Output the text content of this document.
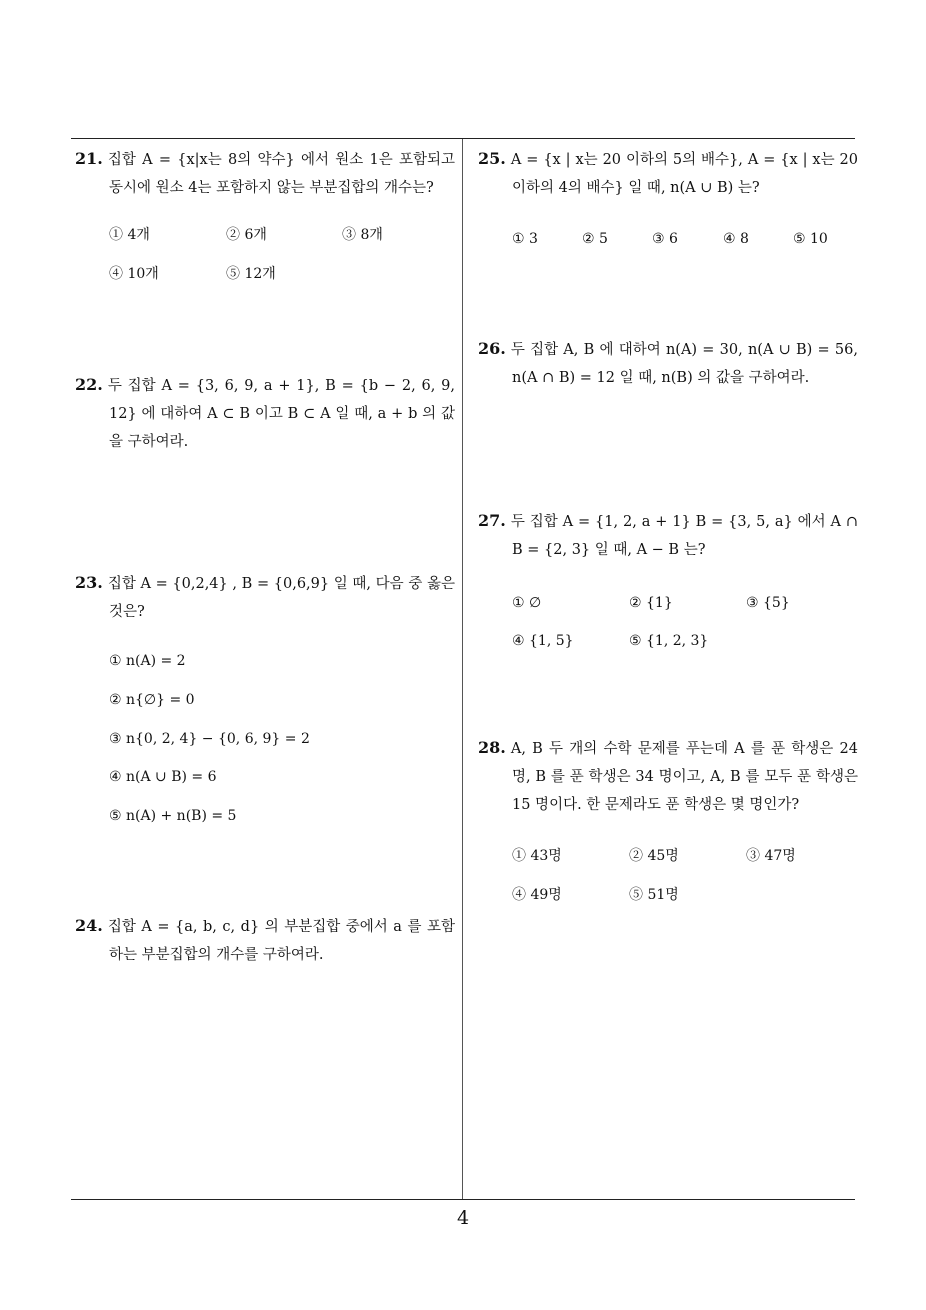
21. 집합 A = {x|x는 8의 약수} 에서 원소 1은 포함되고 동시에 원소 4는 포함하지 않는 부분집합의 개수는?
① 4개	② 6개	③ 8개
④ 10개	⑤ 12개
22. 두 집합 A = {3, 6, 9, a + 1}, B = {b − 2, 6, 9, 12} 에 대하여 A ⊂ B 이고 B ⊂ A 일 때, a + b 의 값을 구하여라.
23. 집합 A = {0,2,4} , B = {0,6,9} 일 때, 다음 중 옳은 것은?
① n(A) = 2
② n{∅} = 0
③ n{0, 2, 4} − {0, 6, 9} = 2
④ n(A ∪ B) = 6
⑤ n(A) + n(B) = 5
24. 집합 A = {a, b, c, d} 의 부분집합 중에서 a 를 포함하는 부분집합의 개수를 구하여라.
25. A = {x | x는 20 이하의 5의 배수}, A = {x | x는 20 이하의 4의 배수} 일 때, n(A ∪ B) 는?
① 3	② 5	③ 6	④ 8	⑤ 10
26. 두 집합 A, B 에 대하여 n(A) = 30, n(A ∪ B) = 56, n(A ∩ B) = 12 일 때, n(B) 의 값을 구하여라.
27. 두 집합 A = {1, 2, a + 1} B = {3, 5, a} 에서 A ∩ B = {2, 3} 일 때, A − B 는?
① ∅	② {1}	③ {5}
④ {1, 5}	⑤ {1, 2, 3}
28. A, B 두 개의 수학 문제를 푸는데 A 를 푼 학생은 24 명, B 를 푼 학생은 34 명이고, A, B 를 모두 푼 학생은 15 명이다. 한 문제라도 푼 학생은 몇 명인가?
① 43명	② 45명	③ 47명
④ 49명	⑤ 51명
4
